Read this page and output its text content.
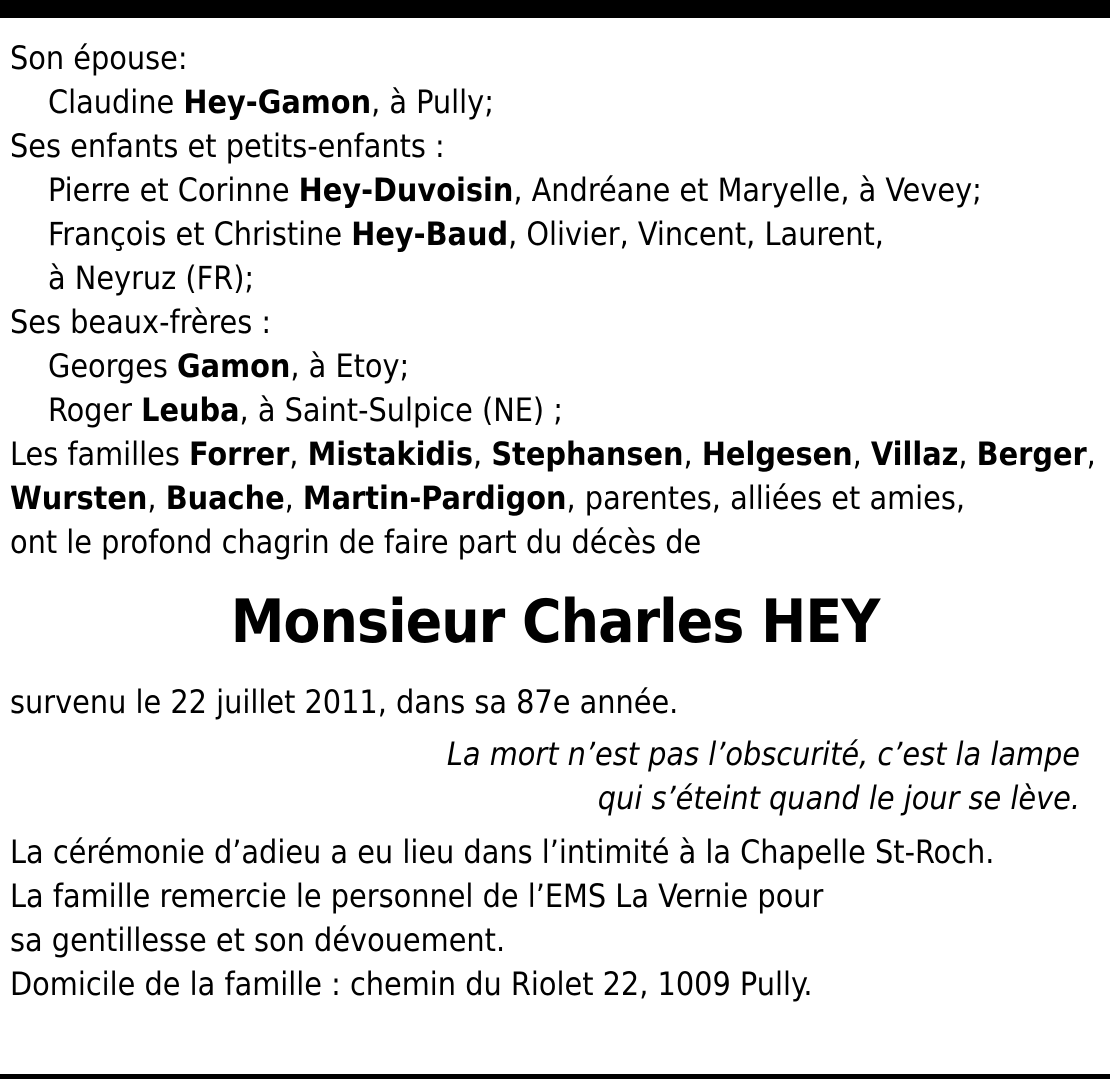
Son épouse:
Claudine Hey-Gamon, à Pully;
Ses enfants et petits-enfants :
Pierre et Corinne Hey-Duvoisin, Andréane et Maryelle, à Vevey;
François et Christine Hey-Baud, Olivier, Vincent, Laurent,
à Neyruz (FR);
Ses beaux-frères :
Georges Gamon, à Etoy;
Roger Leuba, à Saint-Sulpice (NE) ;
Les familles Forrer, Mistakidis, Stephansen, Helgesen, Villaz, Berger,
Wursten, Buache, Martin-Pardigon, parentes, alliées et amies,
ont le profond chagrin de faire part du décès de
Monsieur Charles HEY
survenu le 22 juillet 2011, dans sa 87e année.
La mort n’est pas l’obscurité, c’est la lampe
qui s’éteint quand le jour se lève.
La cérémonie d’adieu a eu lieu dans l’intimité à la Chapelle St-Roch.
La famille remercie le personnel de l’EMS La Vernie pour
sa gentillesse et son dévouement.
Domicile de la famille : chemin du Riolet 22, 1009 Pully.
